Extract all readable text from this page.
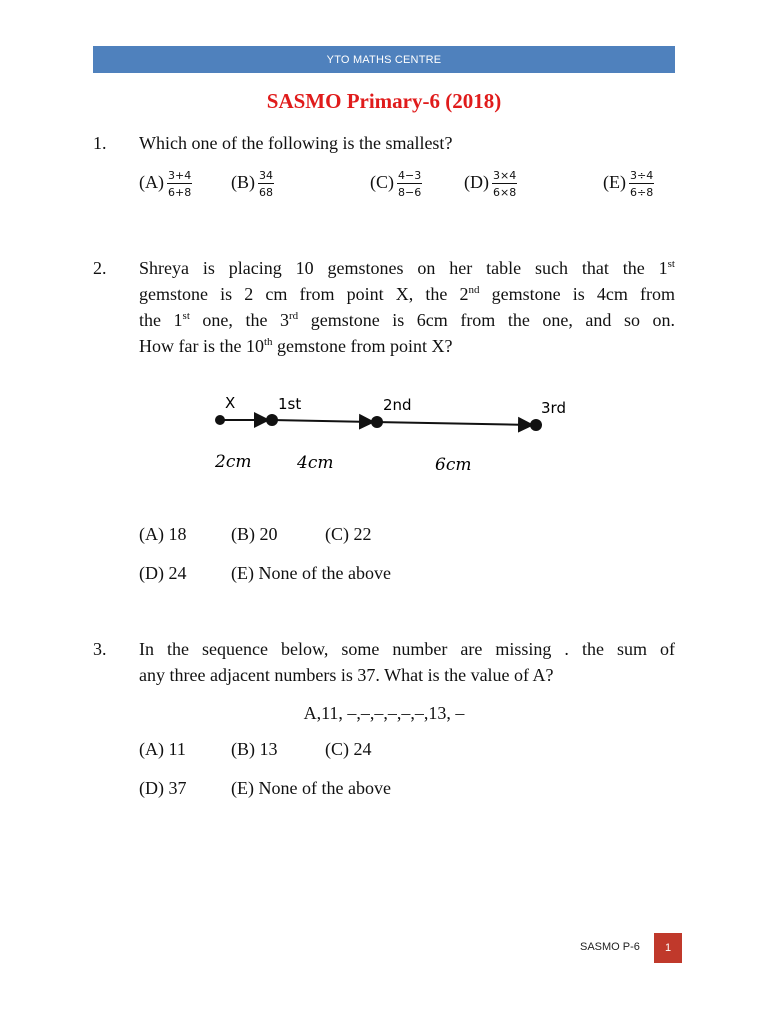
YTO MATHS CENTRE
SASMO Primary-6 (2018)
1. Which one of the following is the smallest?
$(A) \frac{3+4}{6+8} (B) \frac{34}{68}$	$(C) \frac{4-3}{8-6} (D) \frac{3\times 4}{6\times 8}$	$(E) \frac{3\div 4}{6\div 8}$
2. Shreya is placing 10 gemstones on her table such that the 1st
gemstone is 2 cm from point X, the 2nd gemstone is 4cm from
the 1st one, the 3rd gemstone is 6cm from the one, and so on.
How far is the 10th gemstone from point X?
X	1st	2nd	3rd
2cm	4cm	6cm
(A) 18 (B) 20	(C) 22
(D) 24 (E) None of the above
3. In the sequence below, some number are missing . the sum of
any three adjacent numbers is 37. What is the value of A?
A,11, –,–,–,–,–,–,13, –
(A) 11	(B) 13	(C) 24
(D) 37 (E) None of the above
SASMO P-6 1
